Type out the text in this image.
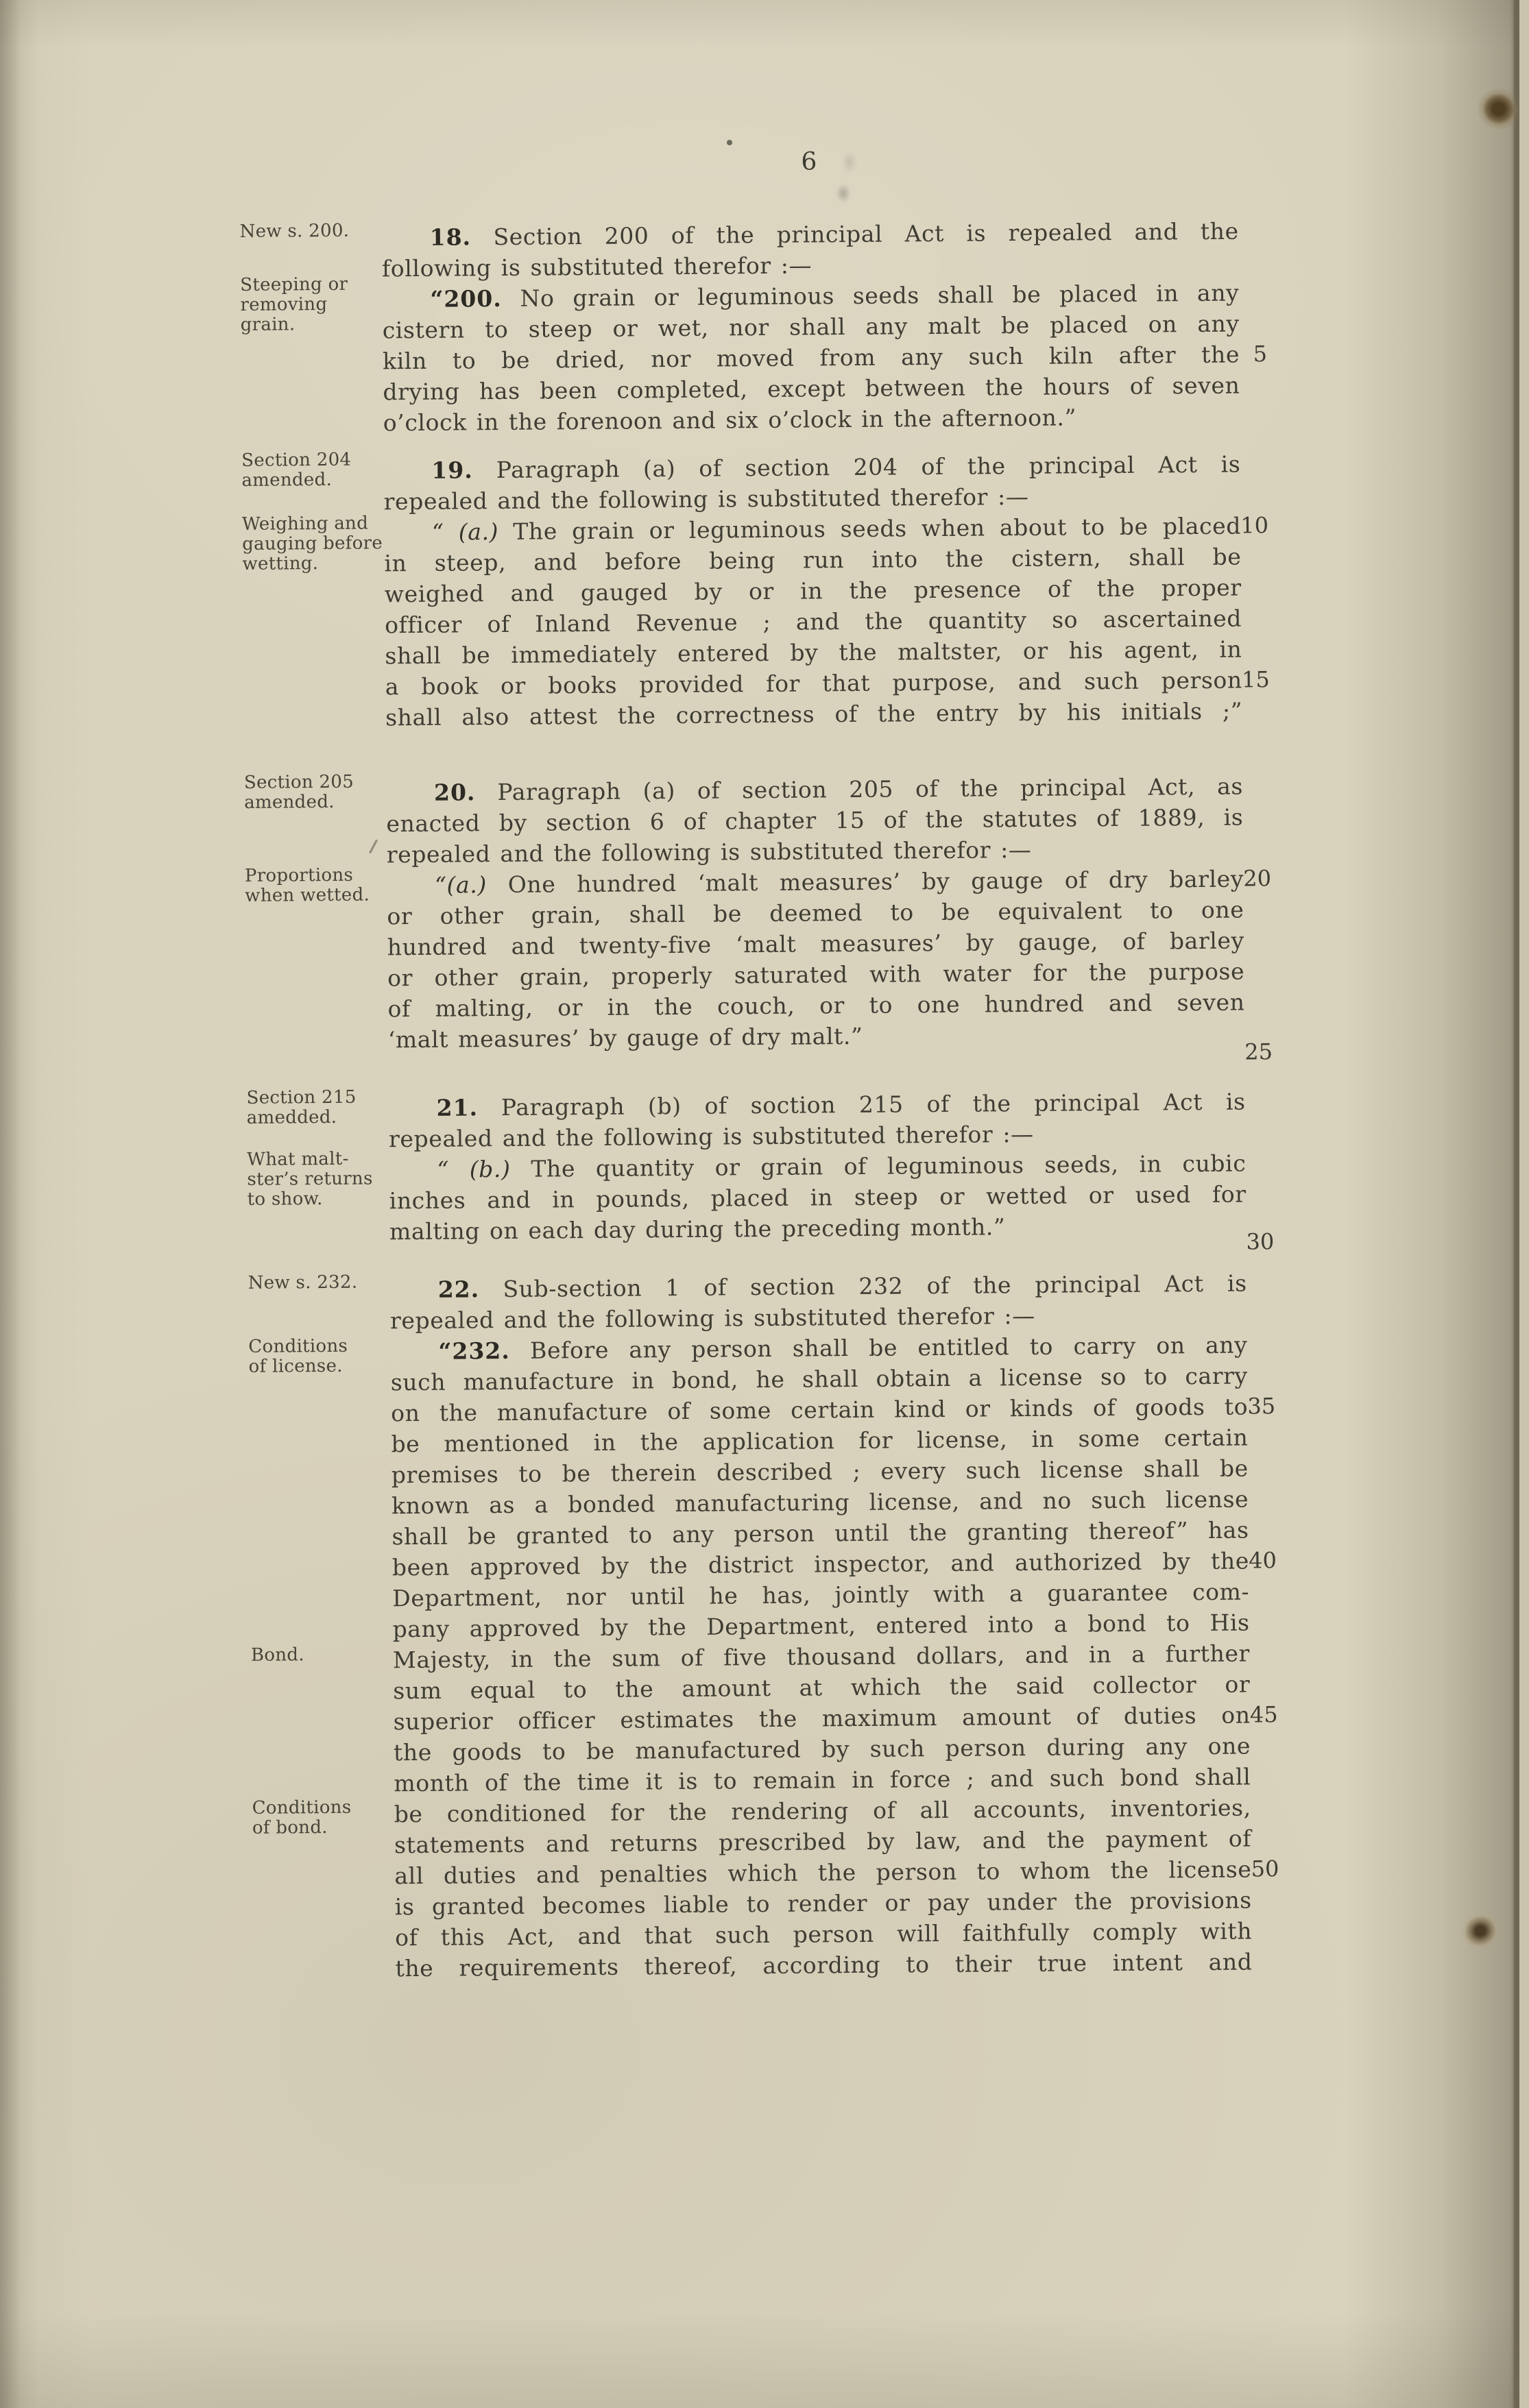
6
New s. 200.
Steeping or
removing
grain.
Section 204
amended.
Weighing and
gauging before
wetting.
Section 205
amended.
Proportions
when wetted.
Section 215
amedded.
What malt-
ster’s returns
to show.
New s. 232.
Conditions
of license.
Bond.
Conditions
of bond.
18. Section 200 of the principal Act is repealed and the
following is substituted therefor :—
“200. No grain or leguminous seeds shall be placed in any
cistern to steep or wet, nor shall any malt be placed on any
kiln to be dried, nor moved from any such kiln after the
drying has been completed, except between the hours of seven
o’clock in the forenoon and six o’clock in the afternoon.”
19. Paragraph (a) of section 204 of the principal Act is
repealed and the following is substituted therefor :—
“ (a.) The grain or leguminous seeds when about to be placed
in steep, and before being run into the cistern, shall be
weighed and gauged by or in the presence of the proper
officer of Inland Revenue ; and the quantity so ascertained
shall be immediately entered by the maltster, or his agent, in
a book or books provided for that purpose, and such person
shall also attest the correctness of the entry by his initials ;”
20. Paragraph (a) of section 205 of the principal Act, as
enacted by section 6 of chapter 15 of the statutes of 1889, is
repealed and the following is substituted therefor :—
“(a.) One hundred ‘malt measures’ by gauge of dry barley
or other grain, shall be deemed to be equivalent to one
hundred and twenty-five ‘malt measures’ by gauge, of barley
or other grain, properly saturated with water for the purpose
of malting, or in the couch, or to one hundred and seven
‘malt measures’ by gauge of dry malt.”
21. Paragraph (b) of soction 215 of the principal Act is
repealed and the following is substituted therefor :—
“ (b.) The quantity or grain of leguminous seeds, in cubic
inches and in pounds, placed in steep or wetted or used for
malting on each day during the preceding month.”
22. Sub-section 1 of section 232 of the principal Act is
repealed and the following is substituted therefor :—
“232. Before any person shall be entitled to carry on any
such manufacture in bond, he shall obtain a license so to carry
on the manufacture of some certain kind or kinds of goods to
be mentioned in the application for license, in some certain
premises to be therein described ; every such license shall be
known as a bonded manufacturing license, and no such license
shall be granted to any person until the granting thereof” has
been approved by the district inspector, and authorized by the
Department, nor until he has, jointly with a guarantee com-
pany approved by the Department, entered into a bond to His
Majesty, in the sum of five thousand dollars, and in a further
sum equal to the amount at which the said collector or
superior officer estimates the maximum amount of duties on
the goods to be manufactured by such person during any one
month of the time it is to remain in force ; and such bond shall
be conditioned for the rendering of all accounts, inventories,
statements and returns prescribed by law, and the payment of
all duties and penalties which the person to whom the license
is granted becomes liable to render or pay under the provisions
of this Act, and that such person will faithfully comply with
the requirements thereof, according to their true intent and
5
10
15
20
25
30
35
40
45
50
